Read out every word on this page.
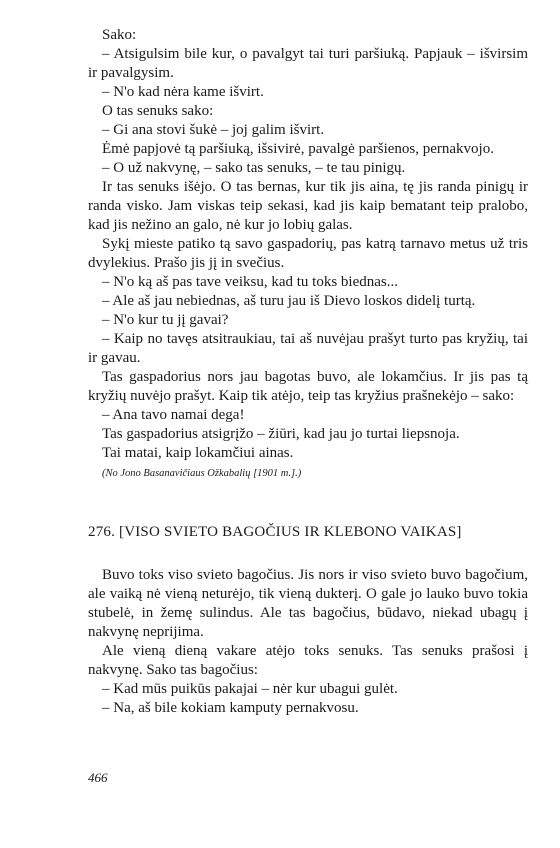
Sako:

– Atsigulsim bile kur, o pavalgyt tai turi paršiuką. Papjauk – išvirsim ir pavalgysim.

– N'o kad nėra kame išvirt.

O tas senuks sako:

– Gi ana stovi šukė – joj galim išvirt.

Ėmė papjovė tą paršiuką, išsivirė, pavalgė paršienos, pernakvojo.

– O už nakvynę, – sako tas senuks, – te tau pinigų.

Ir tas senuks išėjo. O tas bernas, kur tik jis aina, tę jis randa pinigų ir randa visko. Jam viskas teip sekasi, kad jis kaip bematant teip pralobo, kad jis nežino an galo, nė kur jo lobių galas.

Sykį mieste patiko tą savo gaspadorių, pas katrą tarnavo metus už tris dvylekius. Prašo jis jį in svečius.

– N'o ką aš pas tave veiksu, kad tu toks biednas...

– Ale aš jau nebiednas, aš turu jau iš Dievo loskos didelį turtą.

– N'o kur tu jį gavai?

– Kaip no tavęs atsitraukiau, tai aš nuvėjau prašyt turto pas kryžių, tai ir gavau.

Tas gaspadorius nors jau bagotas buvo, ale lokamčius. Ir jis pas tą kryžių nuvėjo prašyt. Kaip tik atėjo, teip tas kryžius prašnekėjo – sako:

– Ana tavo namai dega!

Tas gaspadorius atsigrįžo – žiūri, kad jau jo turtai liepsnoja.

Tai matai, kaip lokamčiui ainas.

(No Jono Basanavičiaus Ožkabalių [1901 m.].)

276. [VISO SVIETO BAGOČIUS IR KLEBONO VAIKAS]

Buvo toks viso svieto bagočius. Jis nors ir viso svieto buvo bagočium, ale vaiką nė vieną neturėjo, tik vieną dukterį. O gale jo lauko buvo tokia stubelė, in žemę sulindus. Ale tas bagočius, būdavo, niekad ubagų į nakvynę neprijima.

Ale vieną dieną vakare atėjo toks senuks. Tas senuks prašosi į nakvynę. Sako tas bagočius:

– Kad mūs puikūs pakajai – nėr kur ubagui gulėt.

– Na, aš bile kokiam kamputy pernakvosu.

466
